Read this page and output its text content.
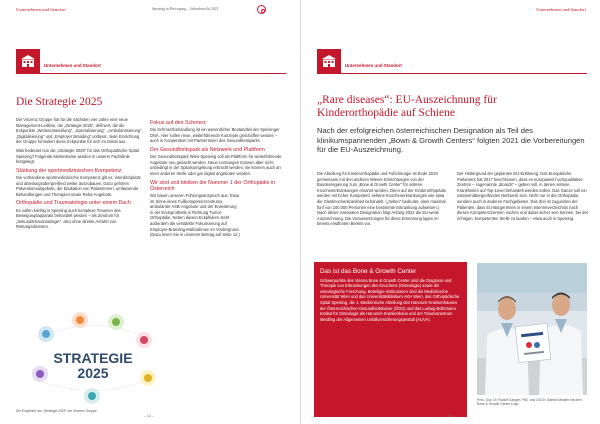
Unternehmen und Standort	Speising in Bewegung – Jahresbericht 2021
Unternehmen und Standort
Die Strategie 2025

Die Vinzenz Gruppe hat für die nächsten vier Jahre eine neue Management-Leitlinie, die „Strategie 2025“, definiert, die die Eckpunkte „Weiterentwicklung“, „Spezialisierung“, „Ambulantisierung“, „Digitalisierung“ und „Employer Branding“ umfasst. Jede Einrichtung der Gruppe formuliert diese Eckpunkte für sich im Detail aus.

Was bedeutet nun die „Strategie 2025“ für das Orthopädische Spital Speising? Folgende Meilensteine wurden in unserer Fachklinik festgelegt:

Stärkung der sportmedizinischen Kompetenz

Die vorhandene sportmedizinische Kompetenz gilt es, interdisziplinär und abteilungsübergreifend weiter auszubauen. Dazu gehören Präventionsangebote, die Edukation von PatientInnen, umfassende Behandlungen und Therapien sowie Reha-Angebote.

Orthopädie und Traumatologie unter einem Dach

Es sollen künftig in Speising auch komplexe Traumen des Bewegungsapparats behandelt werden – als Zentrum für „Sekundärtraumatologie“, also ohne direkte Anfahrt von Rettungsdiensten.

Fokus auf den Schmerz

Die Schmerzbehandlung ist ein wesentlicher Bestandteil der Speisinger DNA. Hier sollen neue, weiterführende Konzepte geschaffen werden – auch in Kooperation mit PartnerInnen des Gesundheitsparks.

Der Gesundheitspark als Netzwerk und Plattform

Der Gesundheitspark Wien-Speising soll als Plattform für weiterführende Angebote neu gedacht werden. Neue Leistungen müssen aber nicht unbedingt in der Spitalsumgebung erbracht werden, sie können auch an einer anderen Stelle oder gar digital angeboten werden.

Wir sind und bleiben die Nummer 1 der Orthopädie in Österreich

Wir bauen unseren Führungsanspruch aus: Etwa im Sinne eines Fußkompetenzzentrums, ambulanter ASB-Angebote und der Erweiterung in der Endoprothetik in Richtung Tumor-Orthopädie. Neben diesen Eckpfeilern steht außerdem die verstärkte Fokussierung auf Employer-Branding-Maßnahmen im Vordergrund. (Dazu lesen Sie in unserem Beitrag auf Seite 12.)

STRATEGIE
2025
Die Eckpfeiler der „Strategie 2025“ der Vinzenz Gruppe
– 14 –
Unternehmen und Standort
Unternehmen und Standort
„Rare diseases“: EU-Auszeichnung für
Kinderorthopädie auf Schiene
Nach der erfolgreichen österreichischen Designation als Teil des klinikumspannenden „Bown & Growth Centers“ folgten 2021 die Vorbereitungen für die EU-Auszeichnung.
Die Abteilung für Kinderorthopädie und Fußchirurgie ist Ende 2019 gemeinsam mit drei anderen Wiener Einrichtungen von der Bundesregierung zum „Bone & Growth Center“ für seltene Knochenerkrankungen ernannt worden. Denn auf der Kinderorthopädie werden mit hoher Kompetenz seltene Knochenerkrankungen wie etwa die Glasknochenkrankheit behandelt. („Selten“ bedeutet, dass maximal fünf von 100.000 Personen eine bestimmte Erkrankung aufweisen.) Nach dieser nationalen Designation folgt Anfang 2022 die EU-weite Auszeichnung. Die Voraussetzungen für diese Ernennung lagen im bereits erwähnten Bereits vor.
Der Hintergrund der geplanten EU-Erklärung: Das Europäische Parlament hat 2017 beschlossen, dass es europaweit hochqualitative Zentren – sogenannte „Boards“ – geben soll, in denen seltene Krankheiten auf Top-Level behandelt werden sollen. Das Ganze soll ein nationenübergreifendes Netzwerk sein. Nicht nur in der Orthopädie, sondern auch in anderen Fachgebieten. Das Ziel ist zugunsten der Patienten, dass EU-BürgerInnen in einem Internetverzeichnis nach diesen Kompetenzzentren suchen und dabei sicher sein können, bei der richtigen, kompetenten Stelle zu landen – etwa auch in Speising.
Das ist das Bone & Growth Center
Schwerpunkte des Vienna Bone & Growth Center sind die Diagnose und Therapie von Erkrankungen des Knochens (Osteologie) sowie die osteologische Forschung. Beteiligte Institutionen sind die Medizinische Universität Wien und das Universitätsklinikum AKH Wien, das Orthopädische Spital Speising, die 1. Medizinische Abteilung des Hanusch-Krankenhauses der Österreichischen Gesundheitskasse (ÖGK) und das Ludwig Boltzmann Institut für Osteologie als Hanusch-Krankenhaus und am Traumazentrum Meidling der Allgemeinen Unfallversicherungsanstalt (AUVA).
Prim. Doz. Dr. Rudolf Ganger, PhD. und OA Dr. Gabriel Mindler mit dem Bone & Growth Center Logo
– 15 –
